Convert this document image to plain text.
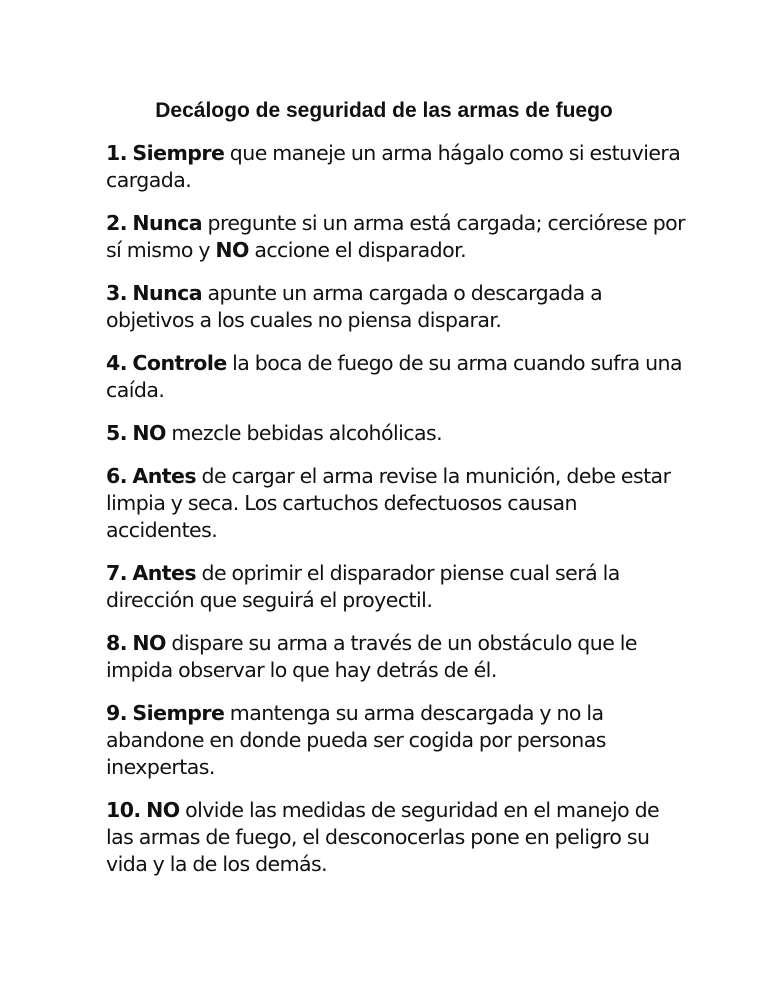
Decálogo de seguridad de las armas de fuego
1. Siempre que maneje un arma hágalo como si estuviera cargada.
2. Nunca pregunte si un arma está cargada; cerciórese por sí mismo y NO accione el disparador.
3. Nunca apunte un arma cargada o descargada a objetivos a los cuales no piensa disparar.
4. Controle la boca de fuego de su arma cuando sufra una caída.
5. NO mezcle bebidas alcohólicas.
6. Antes de cargar el arma revise la munición, debe estar limpia y seca. Los cartuchos defectuosos causan accidentes.
7. Antes de oprimir el disparador piense cual será la dirección que seguirá el proyectil.
8. NO dispare su arma a través de un obstáculo que le impida observar lo que hay detrás de él.
9. Siempre mantenga su arma descargada y no la abandone en donde pueda ser cogida por personas inexpertas.
10. NO olvide las medidas de seguridad en el manejo de las armas de fuego, el desconocerlas pone en peligro su vida y la de los demás.
